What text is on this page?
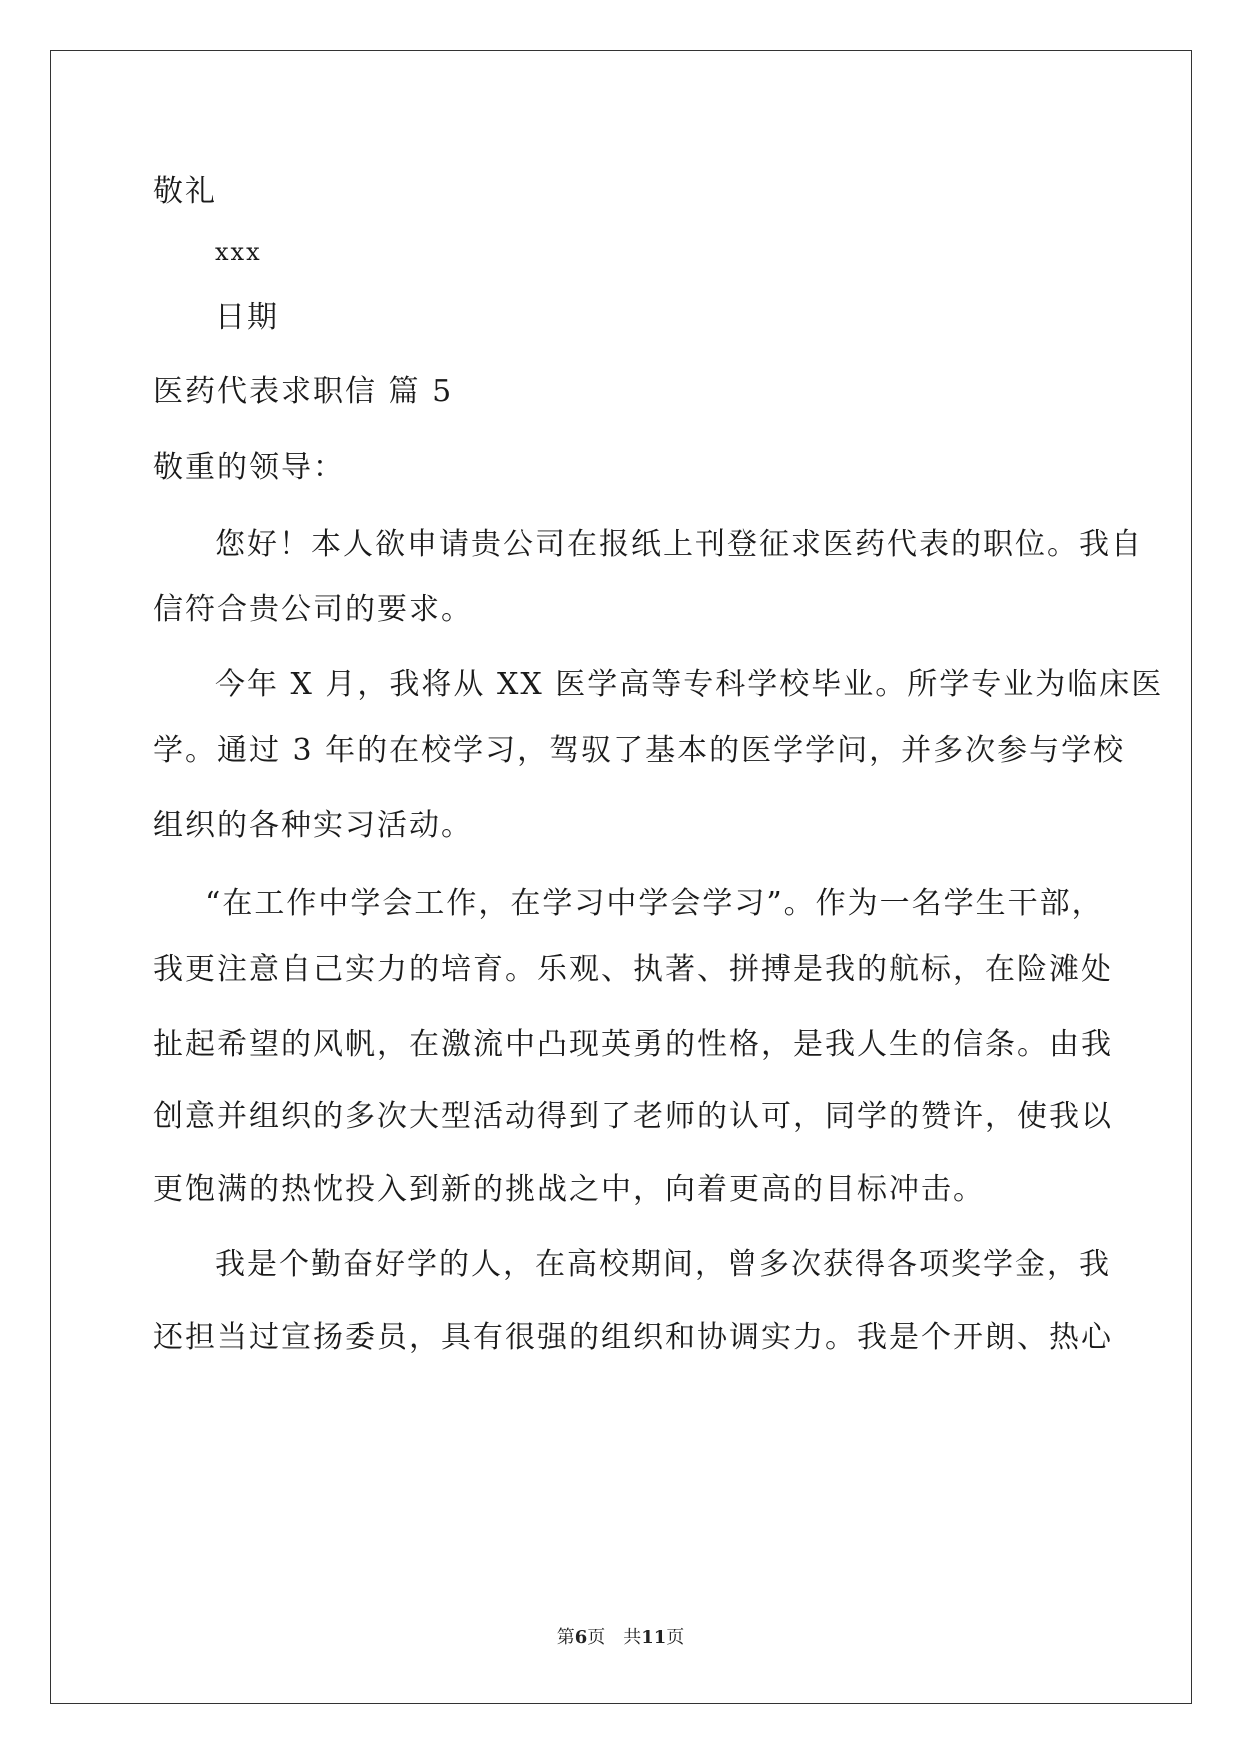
敬礼
xxx
日期
医药代表求职信 篇 5
敬重的领导：
您好！本人欲申请贵公司在报纸上刊登征求医药代表的职位。我自
信符合贵公司的要求。
今年 X 月，我将从 XX 医学高等专科学校毕业。所学专业为临床医
学。通过 3 年的在校学习，驾驭了基本的医学学问，并多次参与学校
组织的各种实习活动。
“在工作中学会工作，在学习中学会学习”。作为一名学生干部，
我更注意自己实力的培育。乐观、执著、拼搏是我的航标，在险滩处
扯起希望的风帆，在激流中凸现英勇的性格，是我人生的信条。由我
创意并组织的多次大型活动得到了老师的认可，同学的赞许，使我以
更饱满的热忱投入到新的挑战之中，向着更高的目标冲击。
我是个勤奋好学的人，在高校期间，曾多次获得各项奖学金，我
还担当过宣扬委员，具有很强的组织和协调实力。我是个开朗、热心
第6页 共11页
